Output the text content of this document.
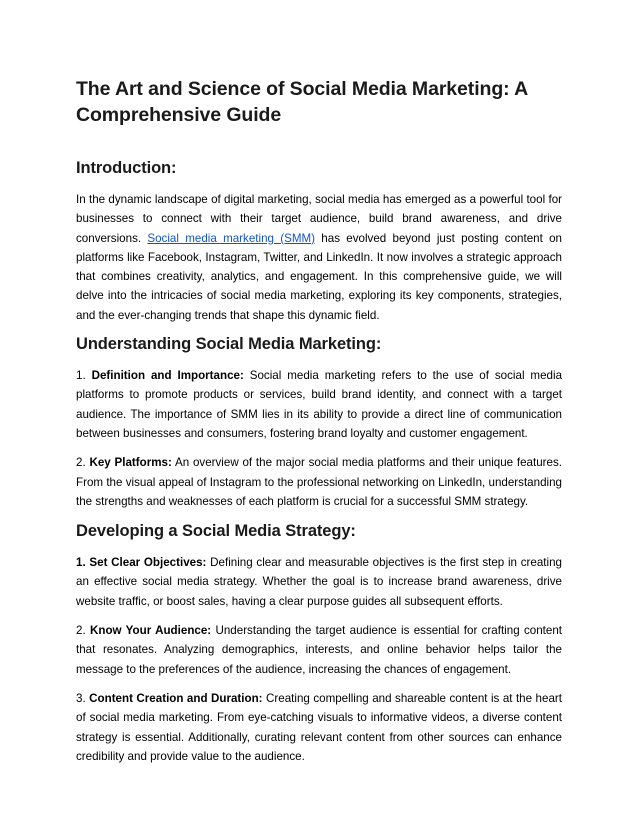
The Art and Science of Social Media Marketing: A Comprehensive Guide
Introduction:

In the dynamic landscape of digital marketing, social media has emerged as a powerful tool for businesses to connect with their target audience, build brand awareness, and drive conversions. Social media marketing (SMM) has evolved beyond just posting content on platforms like Facebook, Instagram, Twitter, and LinkedIn. It now involves a strategic approach that combines creativity, analytics, and engagement. In this comprehensive guide, we will delve into the intricacies of social media marketing, exploring its key components, strategies, and the ever-changing trends that shape this dynamic field.

Understanding Social Media Marketing:

1. Definition and Importance: Social media marketing refers to the use of social media platforms to promote products or services, build brand identity, and connect with a target audience. The importance of SMM lies in its ability to provide a direct line of communication between businesses and consumers, fostering brand loyalty and customer engagement.

2. Key Platforms: An overview of the major social media platforms and their unique features. From the visual appeal of Instagram to the professional networking on LinkedIn, understanding the strengths and weaknesses of each platform is crucial for a successful SMM strategy.

Developing a Social Media Strategy:

1. Set Clear Objectives: Defining clear and measurable objectives is the first step in creating an effective social media strategy. Whether the goal is to increase brand awareness, drive website traffic, or boost sales, having a clear purpose guides all subsequent efforts.

2. Know Your Audience: Understanding the target audience is essential for crafting content that resonates. Analyzing demographics, interests, and online behavior helps tailor the message to the preferences of the audience, increasing the chances of engagement.

3. Content Creation and Duration: Creating compelling and shareable content is at the heart of social media marketing. From eye-catching visuals to informative videos, a diverse content strategy is essential. Additionally, curating relevant content from other sources can enhance credibility and provide value to the audience.
